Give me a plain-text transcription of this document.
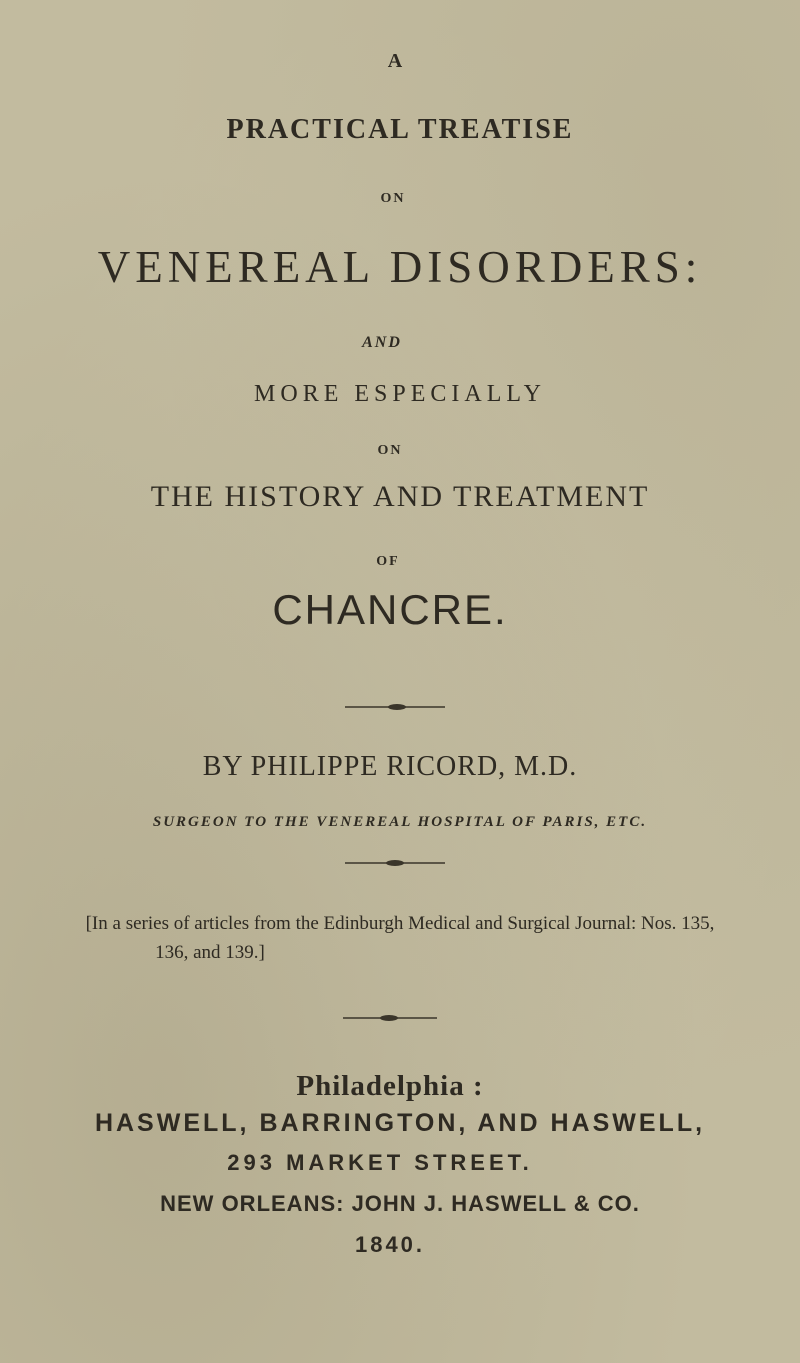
A
PRACTICAL TREATISE
ON
VENEREAL DISORDERS:
AND
MORE ESPECIALLY
ON
THE HISTORY AND TREATMENT
OF
CHANCRE.
BY PHILIPPE RICORD, M.D.
SURGEON TO THE VENEREAL HOSPITAL OF PARIS, ETC.
[In a series of articles from the Edinburgh Medical and Surgical Journal: Nos. 135,
136, and 139.]
Philadelphia :
HASWELL, BARRINGTON, AND HASWELL,
293 MARKET STREET.
NEW ORLEANS: JOHN J. HASWELL & CO.
1840.
